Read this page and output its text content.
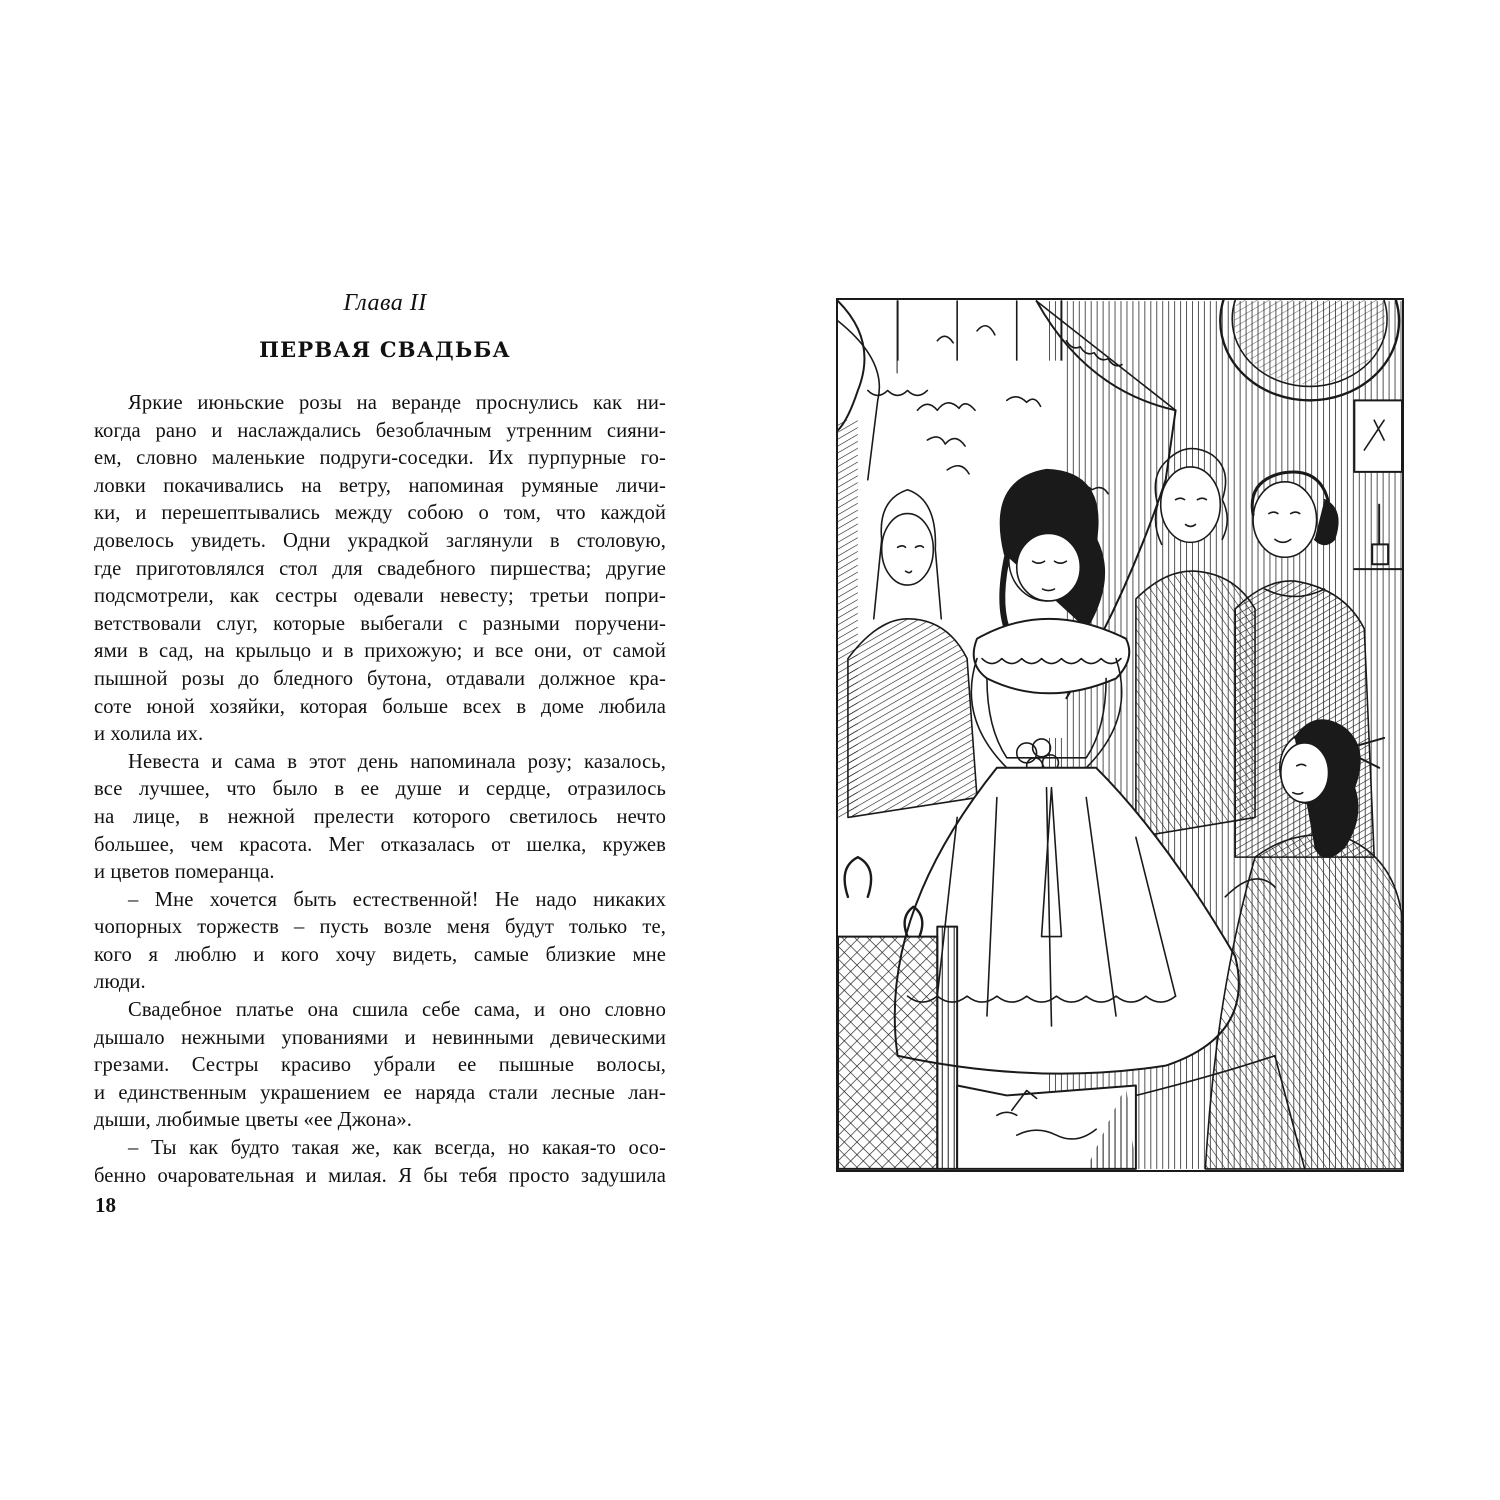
Глава II
ПЕРВАЯ СВАДЬБА
Яркие июньские розы на веранде проснулись как ни-
когда рано и наслаждались безоблачным утренним сияни-
ем, словно маленькие подруги-соседки. Их пурпурные го-
ловки покачивались на ветру, напоминая румяные личи-
ки, и перешептывались между собою о том, что каждой
довелось увидеть. Одни украдкой заглянули в столовую,
где приготовлялся стол для свадебного пиршества; другие
подсмотрели, как сестры одевали невесту; третьи попри-
ветствовали слуг, которые выбегали с разными поручени-
ями в сад, на крыльцо и в прихожую; и все они, от самой
пышной розы до бледного бутона, отдавали должное кра-
соте юной хозяйки, которая больше всех в доме любила
и холила их.
Невеста и сама в этот день напоминала розу; казалось,
все лучшее, что было в ее душе и сердце, отразилось
на лице, в нежной прелести которого светилось нечто
большее, чем красота. Мег отказалась от шелка, кружев
и цветов померанца.
– Мне хочется быть естественной! Не надо никаких
чопорных торжеств – пусть возле меня будут только те,
кого я люблю и кого хочу видеть, самые близкие мне
люди.
Свадебное платье она сшила себе сама, и оно словно
дышало нежными упованиями и невинными девическими
грезами. Сестры красиво убрали ее пышные волосы,
и единственным украшением ее наряда стали лесные лан-
дыши, любимые цветы «ее Джона».
– Ты как будто такая же, как всегда, но какая-то осо-
бенно очаровательная и милая. Я бы тебя просто задушила
18
